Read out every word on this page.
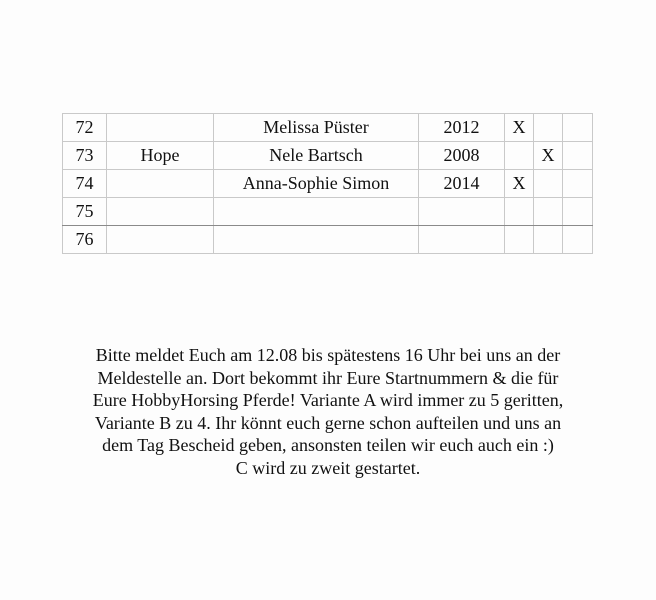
72		Melissa Püster	2012	X		
73	Hope	Nele Bartsch	2008		X	
74		Anna-Sophie Simon	2014	X		
75						
76						

Bitte meldet Euch am 12.08 bis spätestens 16 Uhr bei uns an der

Meldestelle an. Dort bekommt ihr Eure Startnummern & die für

Eure HobbyHorsing Pferde! Variante A wird immer zu 5 geritten,

Variante B zu 4. Ihr könnt euch gerne schon aufteilen und uns an

dem Tag Bescheid geben, ansonsten teilen wir euch auch ein :)

C wird zu zweit gestartet.
